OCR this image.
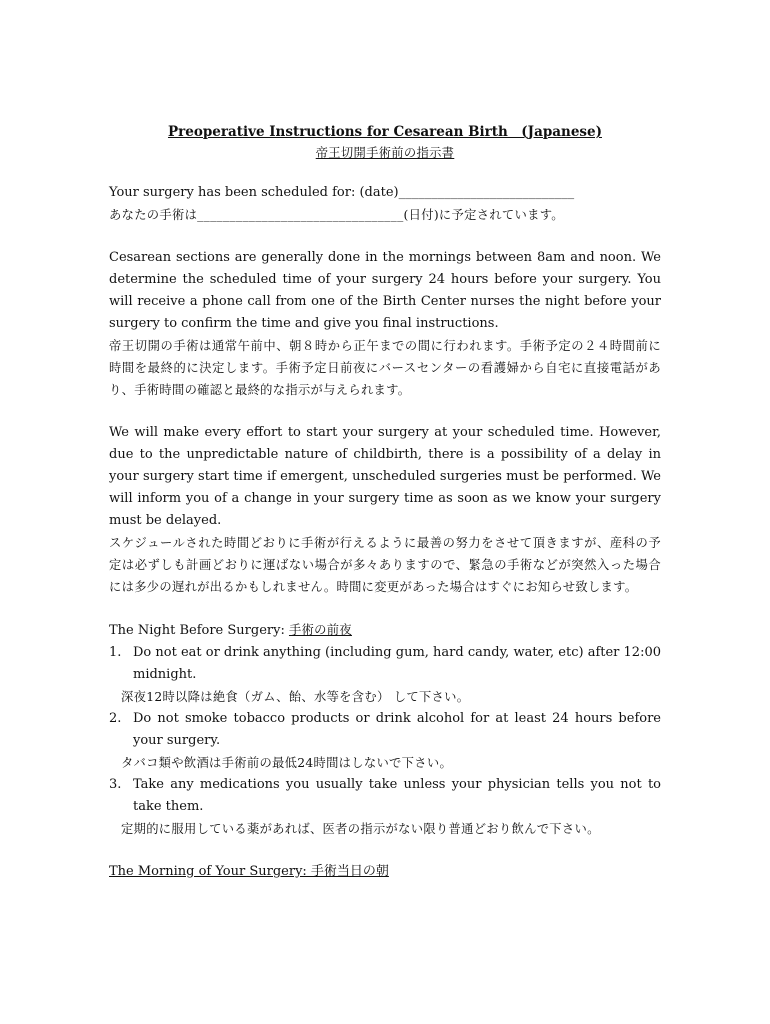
Preoperative Instructions for Cesarean Birth　(Japanese)

帝王切開手術前の指示書

Your surgery has been scheduled for: (date)___________________________

あなたの手術は________________________________(日付)に予定されています。

Cesarean sections are generally done in the mornings between 8am and noon. We determine the scheduled time of your surgery 24 hours before your surgery. You will receive a phone call from one of the Birth Center nurses the night before your surgery to confirm the time and give you final instructions.

帝王切開の手術は通常午前中、朝８時から正午までの間に行われます。手術予定の２４時間前に時間を最終的に決定します。手術予定日前夜にバースセンターの看護婦から自宅に直接電話があり、手術時間の確認と最終的な指示が与えられます。

We will make every effort to start your surgery at your scheduled time. However, due to the unpredictable nature of childbirth, there is a possibility of a delay in your surgery start time if emergent, unscheduled surgeries must be performed. We will inform you of a change in your surgery time as soon as we know your surgery must be delayed.

スケジュールされた時間どおりに手術が行えるように最善の努力をさせて頂きますが、産科の予定は必ずしも計画どおりに運ばない場合が多々ありますので、緊急の手術などが突然入った場合には多少の遅れが出るかもしれません。時間に変更があった場合はすぐにお知らせ致します。

The Night Before Surgery: 手術の前夜

1. Do not eat or drink anything (including gum, hard candy, water, etc) after 12:00 midnight.

深夜12時以降は絶食（ガム、飴、水等を含む） して下さい。

2. Do not smoke tobacco products or drink alcohol for at least 24 hours before your surgery.

タバコ類や飲酒は手術前の最低24時間はしないで下さい。

3. Take any medications you usually take unless your physician tells you not to take them.

定期的に服用している薬があれば、医者の指示がない限り普通どおり飲んで下さい。

The Morning of Your Surgery: 手術当日の朝
